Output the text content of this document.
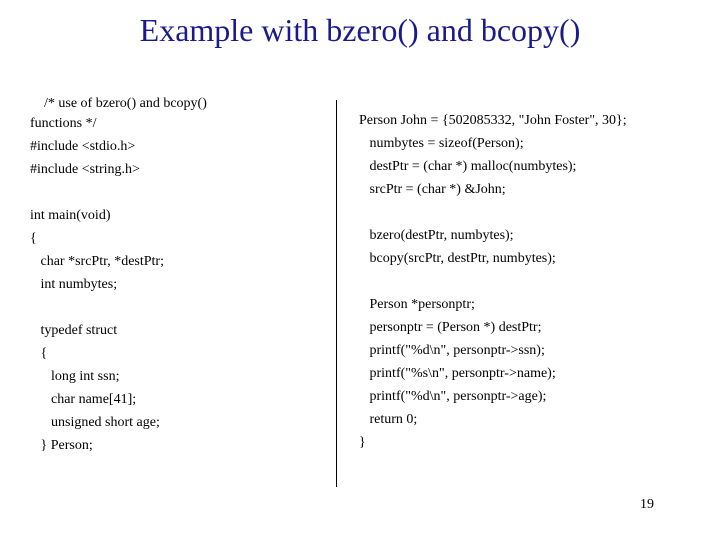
Example with bzero() and bcopy()
/* use of bzero() and bcopy()
functions */
#include <stdio.h>
#include <string.h>
int main(void)
{
char *srcPtr, *destPtr;
int numbytes;
typedef struct
{
long int ssn;
char name[41];
unsigned short age;
} Person;
Person John = {502085332, "John Foster", 30};
numbytes = sizeof(Person);
destPtr = (char *) malloc(numbytes);
srcPtr = (char *) &John;
bzero(destPtr, numbytes);
bcopy(srcPtr, destPtr, numbytes);
Person *personptr;
personptr = (Person *) destPtr;
printf("%d\n", personptr->ssn);
printf("%s\n", personptr->name);
printf("%d\n", personptr->age);
return 0;
}
19
